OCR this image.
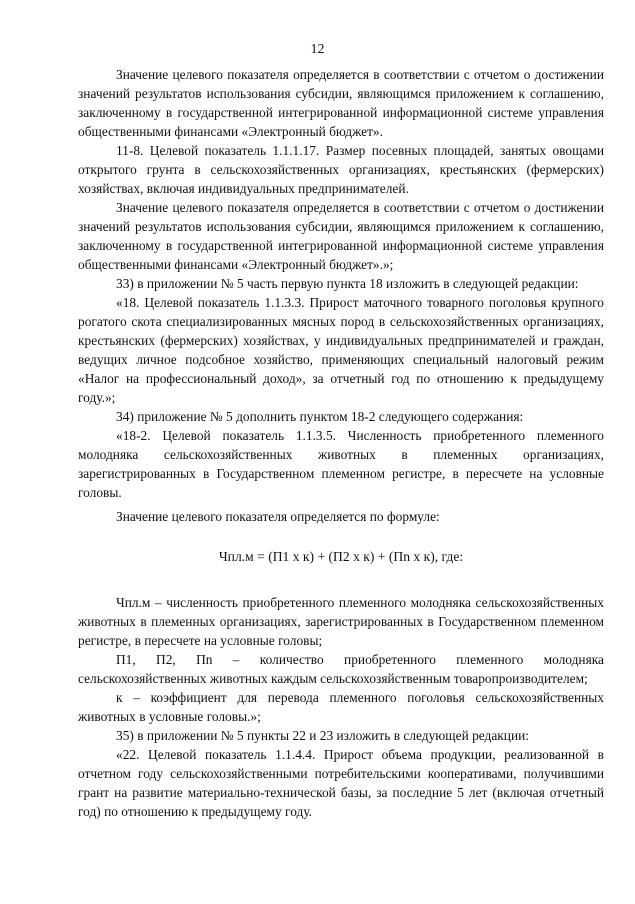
12

Значение целевого показателя определяется в соответствии с отчетом о достижении значений результатов использования субсидии, являющимся приложением к соглашению, заключенному в государственной интегрированной информационной системе управления общественными финансами «Электронный бюджет».

11-8. Целевой показатель 1.1.1.17. Размер посевных площадей, занятых овощами открытого грунта в сельскохозяйственных организациях, крестьянских (фермерских) хозяйствах, включая индивидуальных предпринимателей.

Значение целевого показателя определяется в соответствии с отчетом о достижении значений результатов использования субсидии, являющимся приложением к соглашению, заключенному в государственной интегрированной информационной системе управления общественными финансами «Электронный бюджет».»;

33) в приложении № 5 часть первую пункта 18 изложить в следующей редакции:

«18. Целевой показатель 1.1.3.3. Прирост маточного товарного поголовья крупного рогатого скота специализированных мясных пород в сельскохозяйственных организациях, крестьянских (фермерских) хозяйствах, у индивидуальных предпринимателей и граждан, ведущих личное подсобное хозяйство, применяющих специальный налоговый режим «Налог на профессиональный доход», за отчетный год по отношению к предыдущему году.»;

34) приложение № 5 дополнить пунктом 18-2 следующего содержания:

«18-2. Целевой показатель 1.1.3.5. Численность приобретенного племенного молодняка сельскохозяйственных животных в племенных организациях, зарегистрированных в Государственном племенном регистре, в пересчете на условные головы.

Значение целевого показателя определяется по формуле:

Чпл.м = (П1 х к) + (П2 х к) + (Пn х к), где:

Чпл.м – численность приобретенного племенного молодняка сельскохозяйственных животных в племенных организациях, зарегистрированных в Государственном племенном регистре, в пересчете на условные головы;

П1, П2, Пn – количество приобретенного племенного молодняка сельскохозяйственных животных каждым сельскохозяйственным товаропроизводителем;

к – коэффициент для перевода племенного поголовья сельскохозяйственных животных в условные головы.»;

35) в приложении № 5 пункты 22 и 23 изложить в следующей редакции:

«22. Целевой показатель 1.1.4.4. Прирост объема продукции, реализованной в отчетном году сельскохозяйственными потребительскими кооперативами, получившими грант на развитие материально-технической базы, за последние 5 лет (включая отчетный год) по отношению к предыдущему году.
